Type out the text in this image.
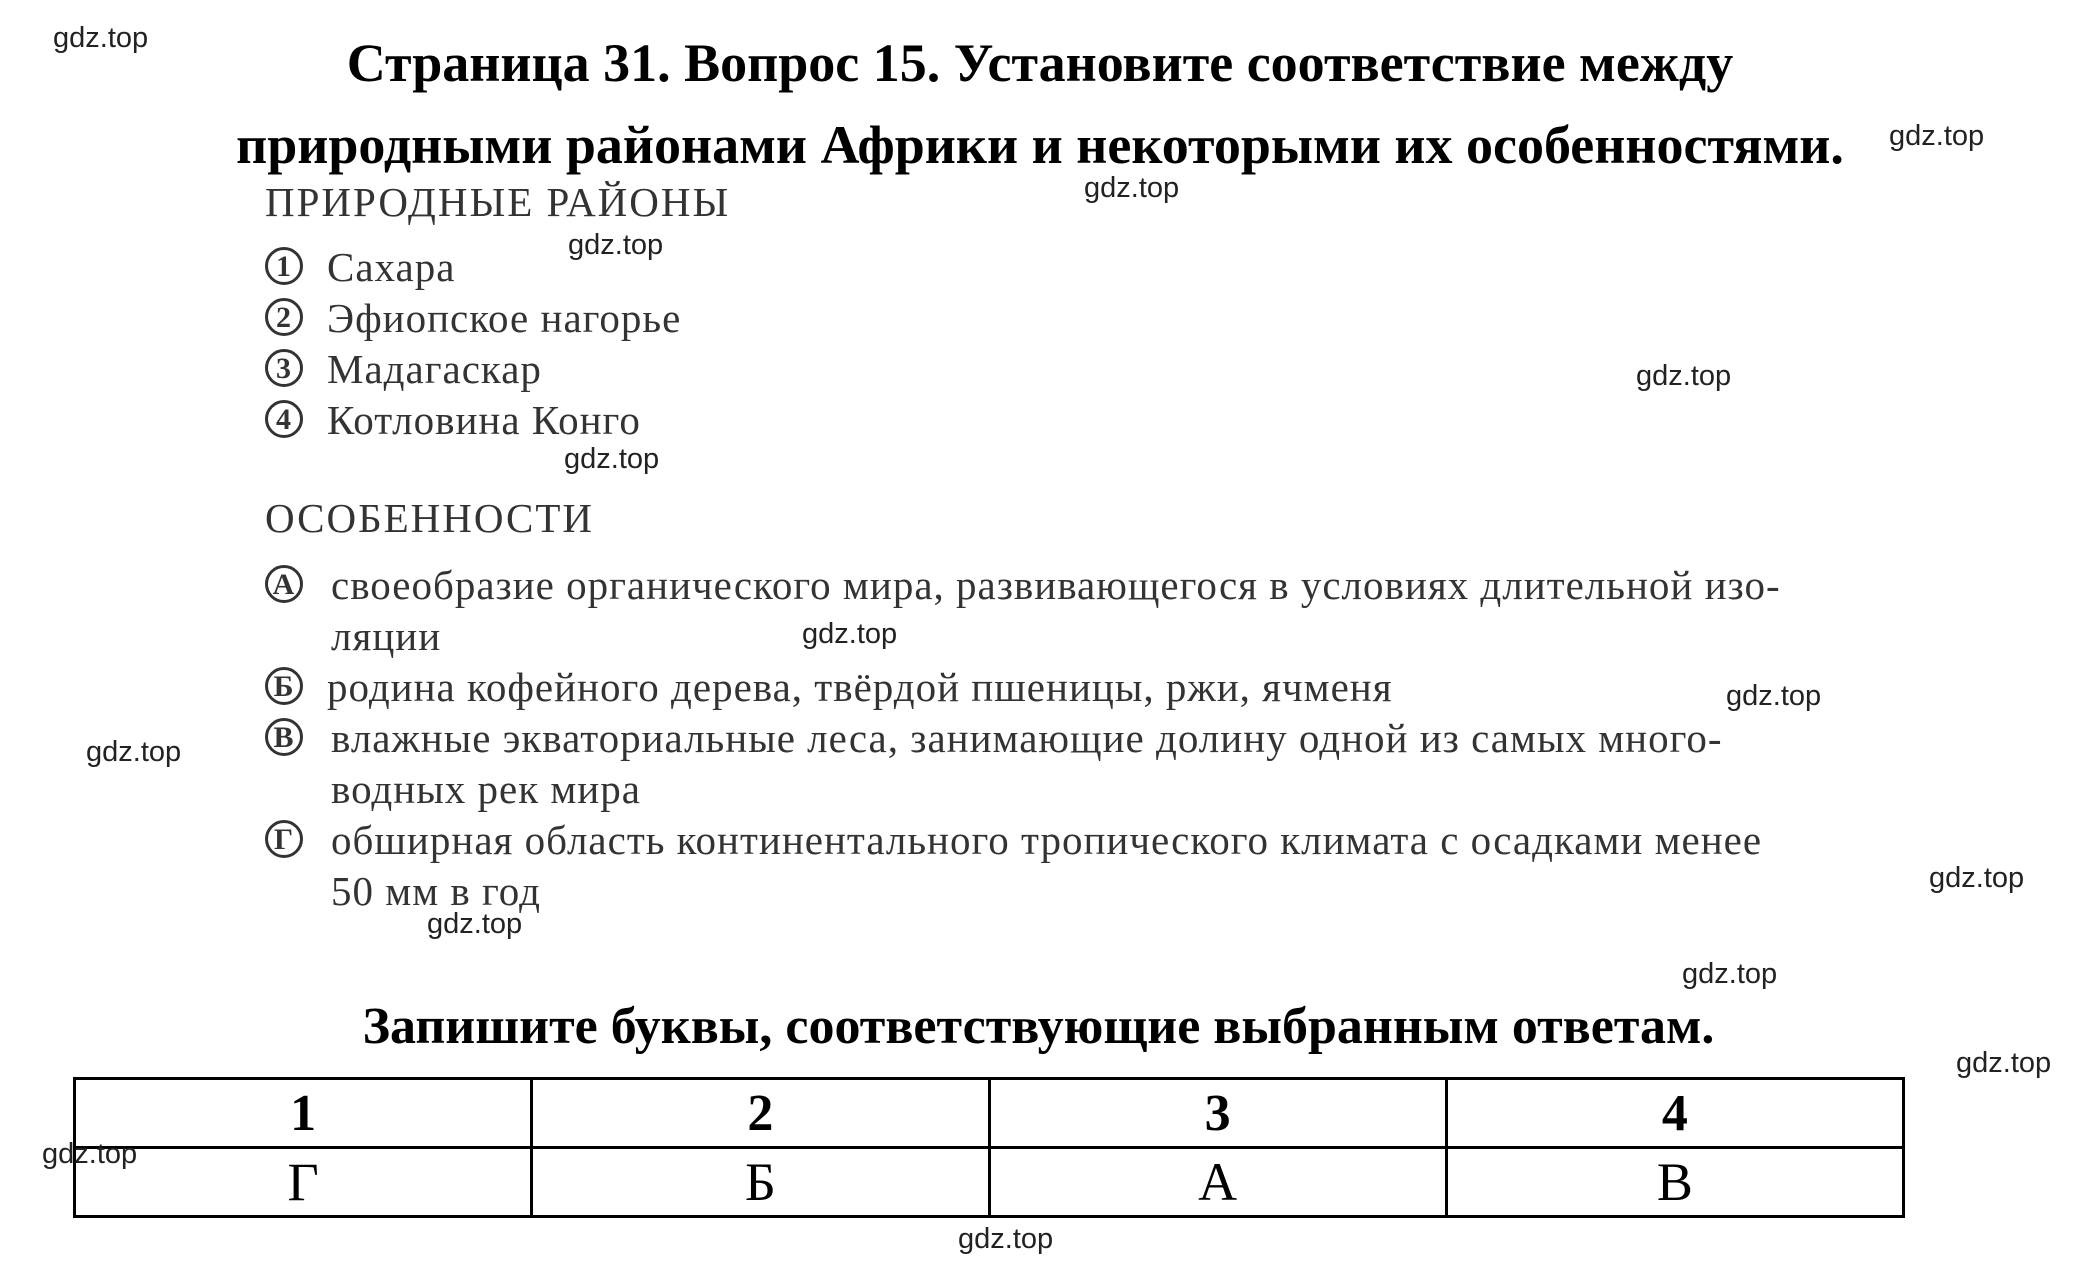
Страница 31. Вопрос 15. Установите соответствие между
природными районами Африки и некоторыми их особенностями.
ПРИРОДНЫЕ РАЙОНЫ
1 Сахара
2 Эфиопское нагорье
3 Мадагаскар
4 Котловина Конго
ОСОБЕННОСТИ
А своеобразие органического мира, развивающегося в условиях длительной изо-
ляции
Б родина кофейного дерева, твёрдой пшеницы, ржи, ячменя
В влажные экваториальные леса, занимающие долину одной из самых много-
водных рек мира
Г обширная область континентального тропического климата с осадками менее
50 мм в год
Запишите буквы, соответствующие выбранным ответам.
1	2	3	4
Г	Б	А	В
gdz.top
gdz.top
gdz.top
gdz.top
gdz.top
gdz.top
gdz.top
gdz.top
gdz.top
gdz.top
gdz.top
gdz.top
gdz.top
gdz.top
gdz.top
